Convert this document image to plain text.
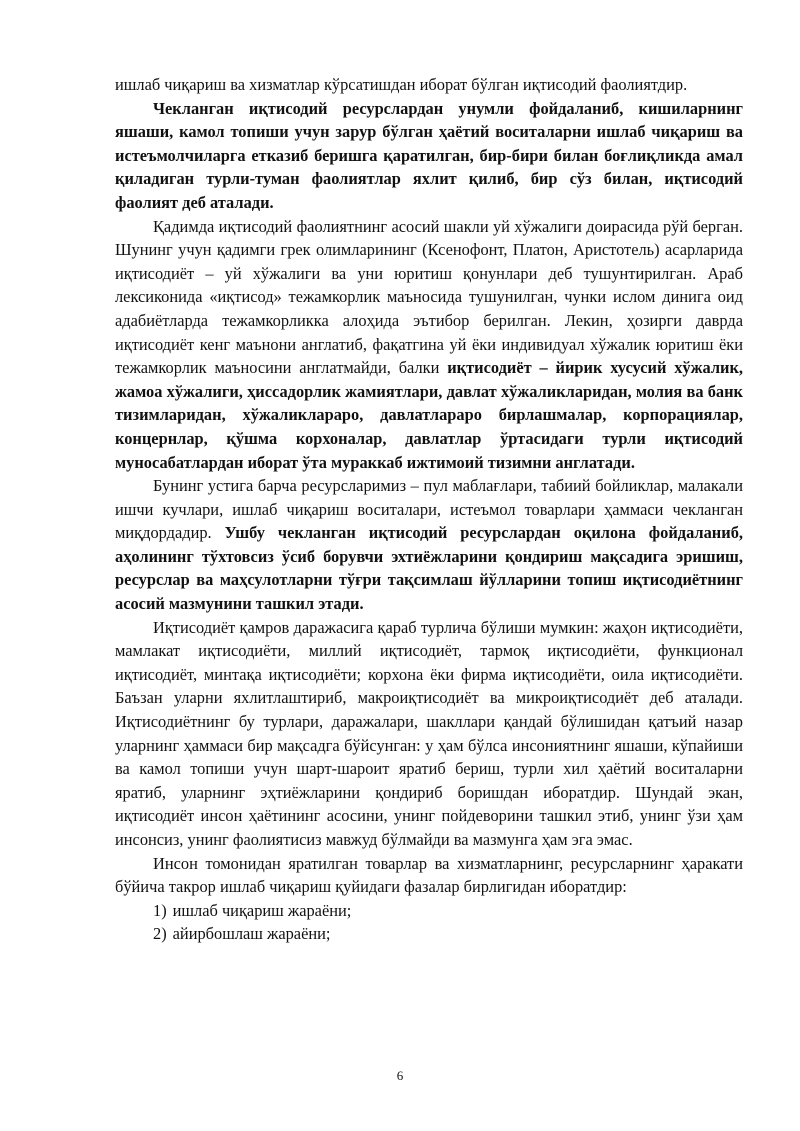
ишлаб чиқариш ва хизматлар кўрсатишдан иборат бўлган иқтисодий фаолиятдир.

Чекланган иқтисодий ресурслардан унумли фойдаланиб, кишиларнинг яшаши, камол топиши учун зарур бўлган ҳаётий воситаларни ишлаб чиқариш ва истеъмолчиларга етказиб беришга қаратилган, бир-бири билан боғлиқликда амал қиладиган турли-туман фаолиятлар яхлит қилиб, бир сўз билан, иқтисодий фаолият деб аталади.

Қадимда иқтисодий фаолиятнинг асосий шакли уй хўжалиги доирасида рўй берган. Шунинг учун қадимги грек олимларининг (Ксенофонт, Платон, Аристотель) асарларида иқтисодиёт – уй хўжалиги ва уни юритиш қонунлари деб тушунтирилган. Араб лексиконида «иқтисод» тежамкорлик маъносида тушунилган, чунки ислом динига оид адабиётларда тежамкорликка алоҳида эътибор берилган. Лекин, ҳозирги даврда иқтисодиёт кенг маънони англатиб, фақатгина уй ёки индивидуал хўжалик юритиш ёки тежамкорлик маъносини англатмайди, балки иқтисодиёт – йирик хусусий хўжалик, жамоа хўжалиги, ҳиссадорлик жамиятлари, давлат хўжаликларидан, молия ва банк тизимларидан, хўжаликлараро, давлатлараро бирлашмалар, корпорациялар, концернлар, қўшма корхоналар, давлатлар ўртасидаги турли иқтисодий муносабатлардан иборат ўта мураккаб ижтимоий тизимни англатади.

Бунинг устига барча ресурсларимиз – пул маблағлари, табиий бойликлар, малакали ишчи кучлари, ишлаб чиқариш воситалари, истеъмол товарлари ҳаммаси чекланган миқдордадир. Ушбу чекланган иқтисодий ресурслардан оқилона фойдаланиб, аҳолининг тўхтовсиз ўсиб борувчи эхтиёжларини қондириш мақсадига эришиш, ресурслар ва маҳсулотларни тўғри тақсимлаш йўлларини топиш иқтисодиётнинг асосий мазмунини ташкил этади.

Иқтисодиёт қамров даражасига қараб турлича бўлиши мумкин: жаҳон иқтисодиёти, мамлакат иқтисодиёти, миллий иқтисодиёт, тармоқ иқтисодиёти, функционал иқтисодиёт, минтақа иқтисодиёти; корхона ёки фирма иқтисодиёти, оила иқтисодиёти. Баъзан уларни яхлитлаштириб, макроиқтисодиёт ва микроиқтисодиёт деб аталади. Иқтисодиётнинг бу турлари, даражалари, шакллари қандай бўлишидан қатъий назар уларнинг ҳаммаси бир мақсадга бўйсунган: у ҳам бўлса инсониятнинг яшаши, кўпайиши ва камол топиши учун шарт-шароит яратиб бериш, турли хил ҳаётий воситаларни яратиб, уларнинг эҳтиёжларини қондириб боришдан иборатдир. Шундай экан, иқтисодиёт инсон ҳаётининг асосини, унинг пойдеворини ташкил этиб, унинг ўзи ҳам инсонсиз, унинг фаолиятисиз мавжуд бўлмайди ва мазмунга ҳам эга эмас.

Инсон томонидан яратилган товарлар ва хизматларнинг, ресурсларнинг ҳаракати бўйича такрор ишлаб чиқариш қуйидаги фазалар бирлигидан иборатдир:

1) ишлаб чиқариш жараёни;
2) айирбошлаш жараёни;
6
